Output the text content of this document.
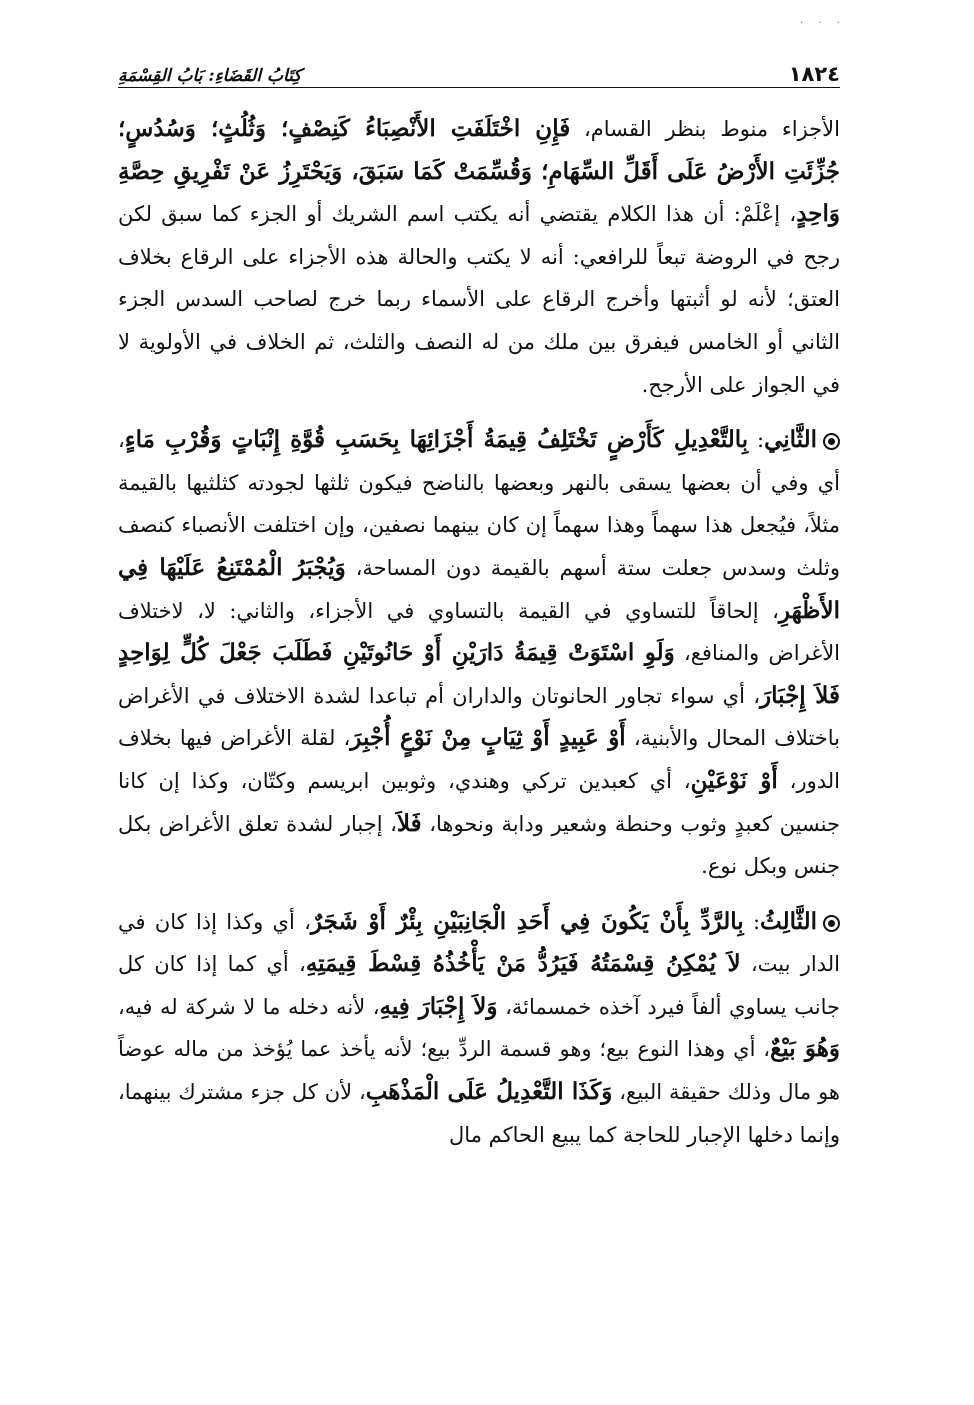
· · ·
١٨٢٤
كِتَابُ القَضَاءِ: بَابُ القِسْمَةِ

الأجزاء منوط بنظر القسام، فَإِنِ اخْتَلَفَتِ الأَنْصِبَاءُ كَنِصْفٍ؛ وَثُلُثٍ؛ وَسُدُسٍ؛ جُزِّئَتِ الأَرْضُ عَلَى أَقَلِّ السِّهَامِ؛ وَقُسِّمَتْ كَمَا سَبَقَ، وَيَحْتَرِزُ عَنْ تَفْرِيقِ حِصَّةِ وَاحِدٍ، إعْلَمْ: أن هذا الكلام يقتضي أنه يكتب اسم الشريك أو الجزء كما سبق لكن رجح في الروضة تبعاً للرافعي: أنه لا يكتب والحالة هذه الأجزاء على الرقاع بخلاف العتق؛ لأنه لو أثبتها وأخرج الرقاع على الأسماء ربما خرج لصاحب السدس الجزء الثاني أو الخامس فيفرق بين ملك من له النصف والثلث، ثم الخلاف في الأولوية لا في الجواز على الأرجح.

الثَّانِي: بِالتَّعْدِيلِ كَأَرْضٍ تَخْتَلِفُ قِيمَةُ أَجْزَائِهَا بِحَسَبِ قُوَّةِ إِنْبَاتٍ وَقُرْبِ مَاءٍ، أي وفي أن بعضها يسقى بالنهر وبعضها بالناضح فيكون ثلثها لجودته كثلثيها بالقيمة مثلاً، فيُجعل هذا سهماً وهذا سهماً إن كان بينهما نصفين، وإن اختلفت الأنصباء كنصف وثلث وسدس جعلت ستة أسهم بالقيمة دون المساحة، وَيُجْبَرُ الْمُمْتَنِعُ عَلَيْهَا فِي الأَظْهَرِ، إلحاقاً للتساوي في القيمة بالتساوي في الأجزاء، والثاني: لا، لاختلاف الأغراض والمنافع، وَلَوِ اسْتَوَتْ قِيمَةُ دَارَيْنِ أَوْ حَانُوتَيْنِ فَطَلَبَ جَعْلَ كُلٍّ لِوَاحِدٍ فَلاَ إِجْبَارَ، أي سواء تجاور الحانوتان والداران أم تباعدا لشدة الاختلاف في الأغراض باختلاف المحال والأبنية، أَوْ عَبِيدٍ أَوْ ثِيَابٍ مِنْ نَوْعٍ أُجْبِرَ، لقلة الأغراض فيها بخلاف الدور، أَوْ نَوْعَيْنِ، أي كعبدين تركي وهندي، وثوبين ابريسم وكتّان، وكذا إن كانا جنسين كعبدٍ وثوب وحنطة وشعير ودابة ونحوها، فَلاَ، إجبار لشدة تعلق الأغراض بكل جنس وبكل نوع.

الثَّالِثُ: بِالرَّدِّ بِأَنْ يَكُونَ فِي أَحَدِ الْجَانِبَيْنِ بِئْرٌ أَوْ شَجَرٌ، أي وكذا إذا كان في الدار بيت، لاَ يُمْكِنُ قِسْمَتُهُ فَيَرُدُّ مَنْ يَأْخُذُهُ قِسْطَ قِيمَتِهِ، أي كما إذا كان كل جانب يساوي ألفاً فيرد آخذه خمسمائة، وَلاَ إِجْبَارَ فِيهِ، لأنه دخله ما لا شركة له فيه، وَهُوَ بَيْعٌ، أي وهذا النوع بيع؛ وهو قسمة الردِّ بيع؛ لأنه يأخذ عما يُؤخذ من ماله عوضاً هو مال وذلك حقيقة البيع، وَكَذَا التَّعْدِيلُ عَلَى الْمَذْهَبِ، لأن كل جزء مشترك بينهما، وإنما دخلها الإجبار للحاجة كما يبيع الحاكم مال
